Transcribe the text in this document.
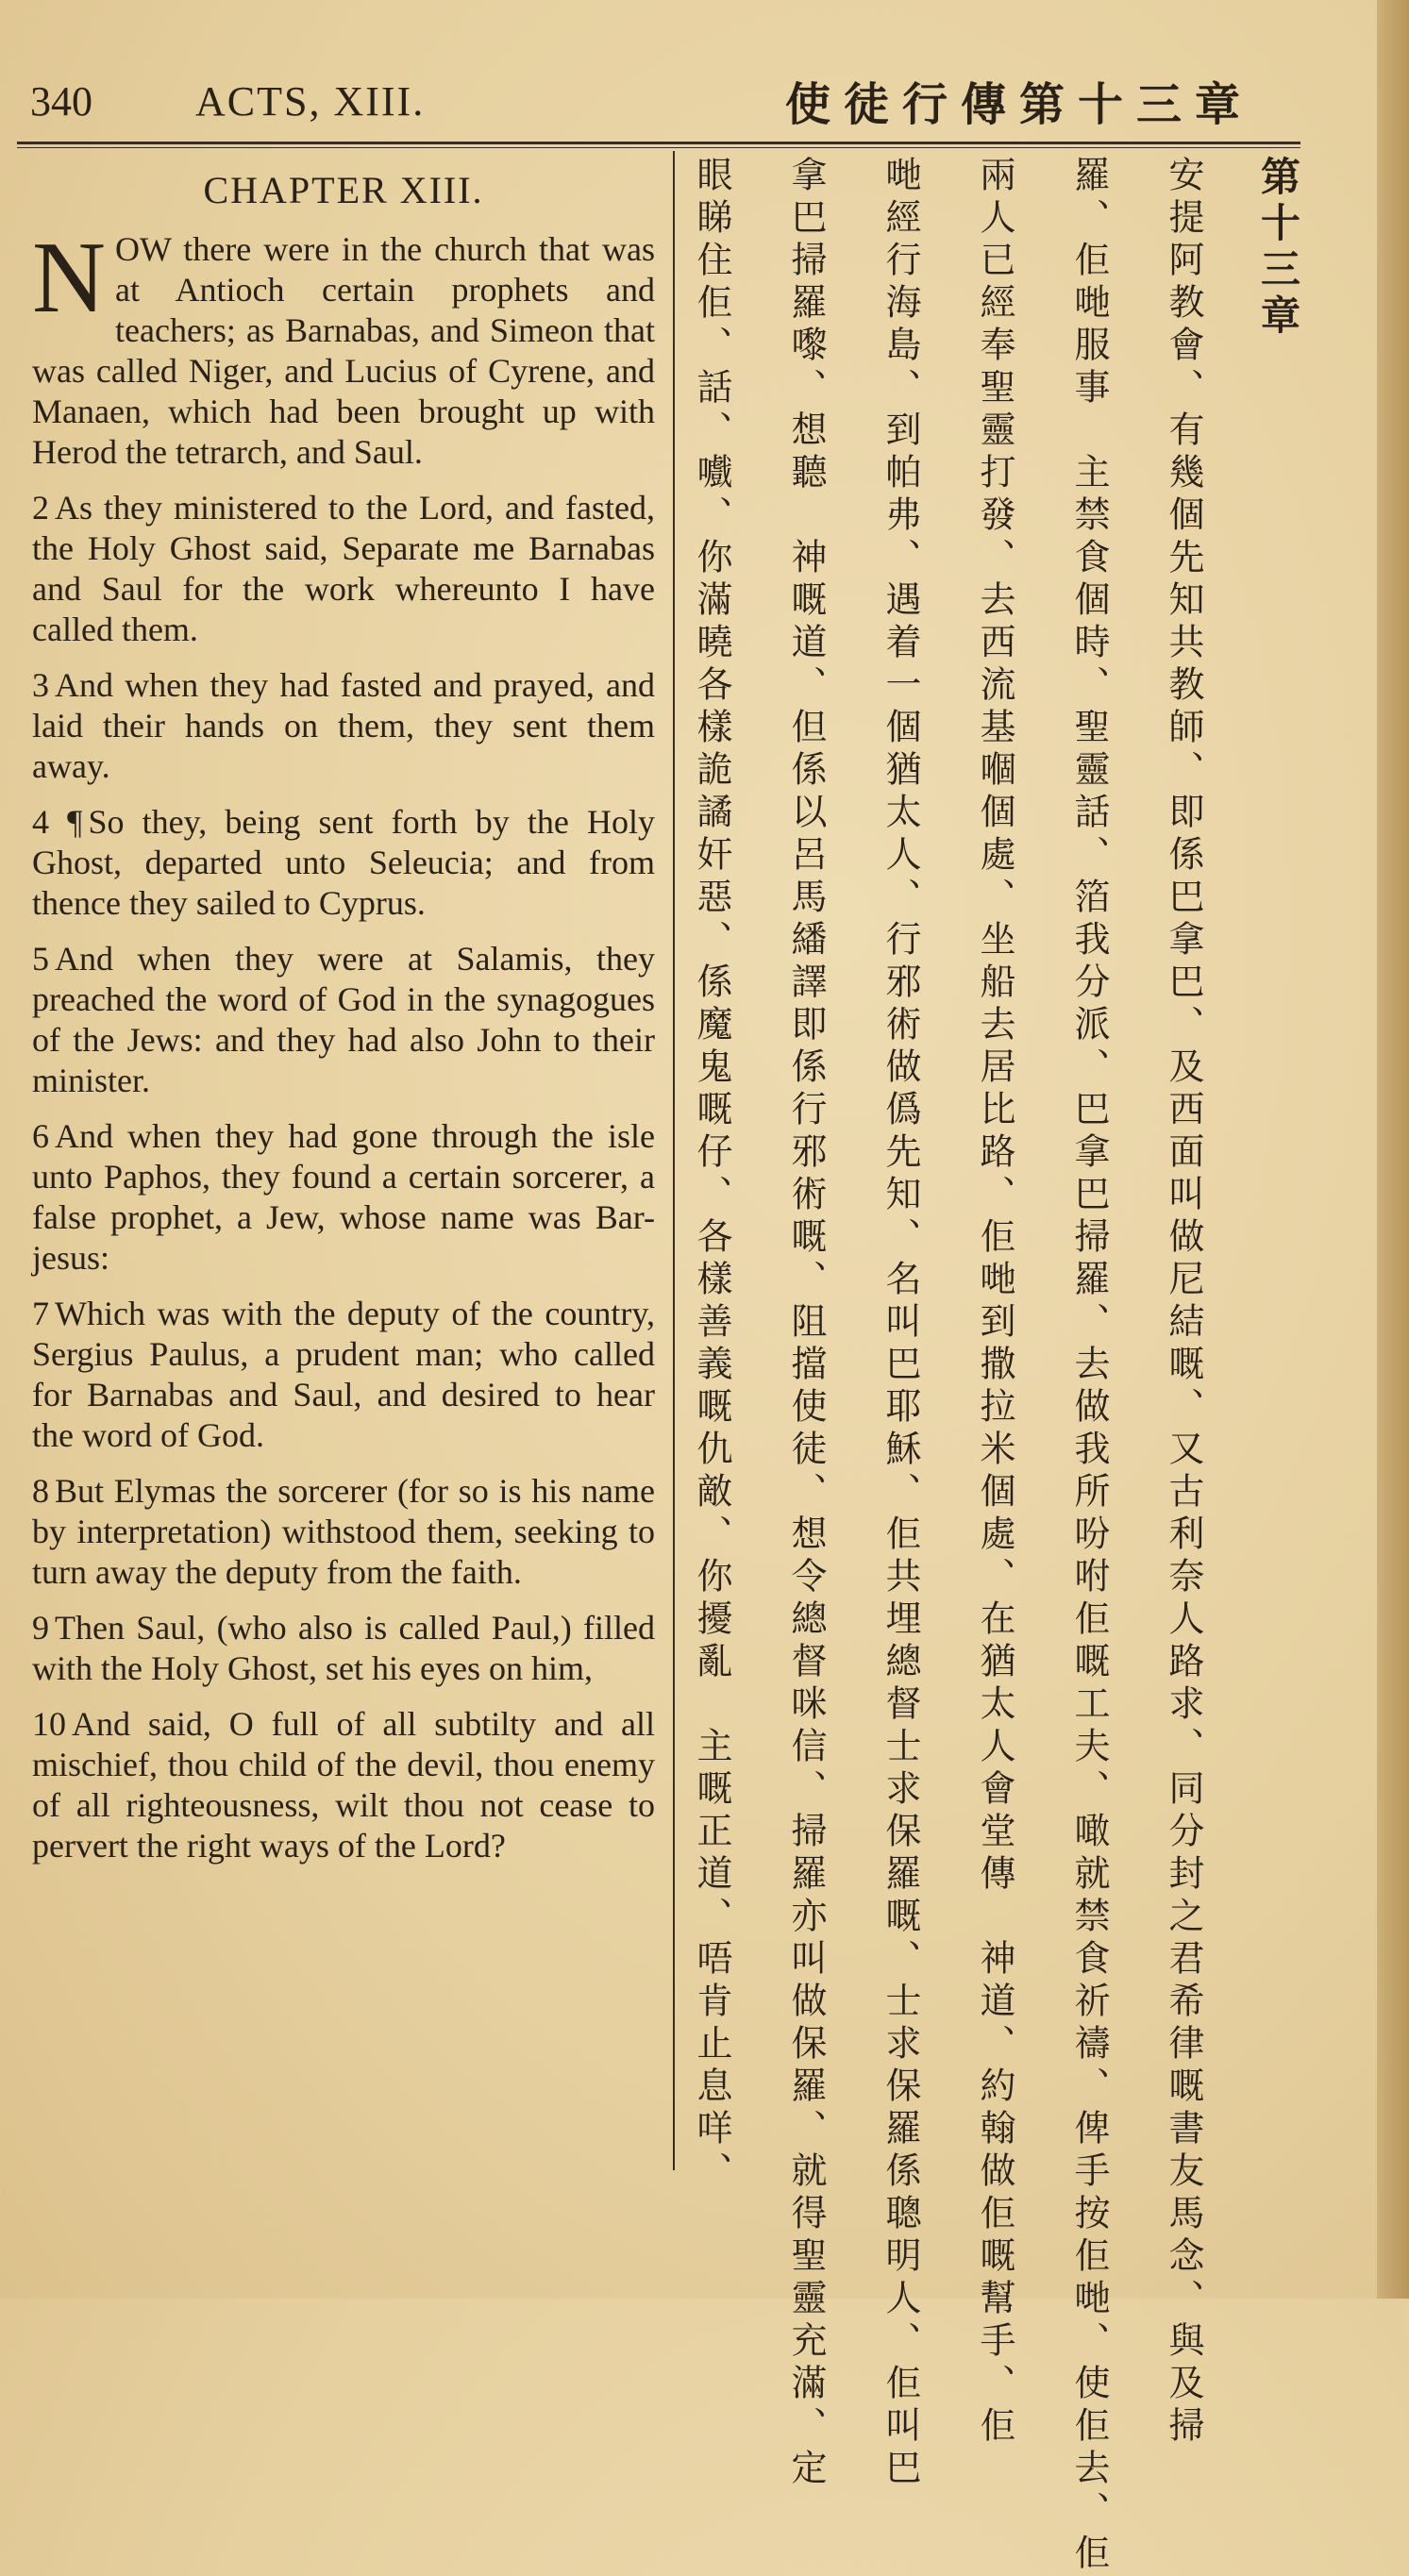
340 ACTS, XIII.	使徒行傳第十三章
CHAPTER XIII.

NOW there were in the church that was at Antioch certain prophets and teachers; as Barnabas, and Simeon that was called Niger, and Lucius of Cyrene, and Manaen, which had been brought up with Herod the tetrarch, and Saul.

2 As they ministered to the Lord, and fasted, the Holy Ghost said, Separate me Barnabas and Saul for the work whereunto I have called them.

3 And when they had fasted and prayed, and laid their hands on them, they sent them away.

4 ¶ So they, being sent forth by the Holy Ghost, departed unto Seleucia; and from thence they sailed to Cyprus.

5 And when they were at Salamis, they preached the word of God in the synagogues of the Jews: and they had also John to their minister.

6 And when they had gone through the isle unto Paphos, they found a certain sorcerer, a false prophet, a Jew, whose name was Bar-jesus:

7 Which was with the deputy of the country, Sergius Paulus, a prudent man; who called for Barnabas and Saul, and desired to hear the word of God.

8 But Elymas the sorcerer (for so is his name by interpretation) withstood them, seeking to turn away the deputy from the faith.

9 Then Saul, (who also is called Paul,) filled with the Holy Ghost, set his eyes on him,

10 And said, O full of all subtilty and all mischief, thou child of the devil, thou enemy of all righteousness, wilt thou not cease to pervert the right ways of the Lord?

第十三章
安提阿教會、有幾個先知共教師、即係巴拿巴、及西面叫做尼結嘅、又古利奈人路求、同分封之君希律嘅書友馬念、與及掃
羅、佢哋服事　主禁食個時、聖靈話、箔我分派、巴拿巴掃羅、去做我所吩咐佢嘅工夫、噉就禁食祈禱、俾手按佢哋、使佢去、佢
兩人已經奉聖靈打發、去西流基嗰個處、坐船去居比路、佢哋到撒拉米個處、在猶太人會堂傳　神道、約翰做佢嘅幫手、佢
哋經行海島、到帕弗、遇着一個猶太人、行邪術做僞先知、名叫巴耶穌、佢共埋總督士求保羅嘅、士求保羅係聰明人、佢叫巴
拿巴掃羅嚟、想聽　神嘅道、但係以呂馬繙譯即係行邪術嘅、阻擋使徒、想令總督咪信、掃羅亦叫做保羅、就得聖靈充滿、定
眼睇住佢、話、嚱、你滿曉各樣詭譎奸惡、係魔鬼嘅仔、各樣善義嘅仇敵、你擾亂　主嘅正道、唔肯止息咩、
